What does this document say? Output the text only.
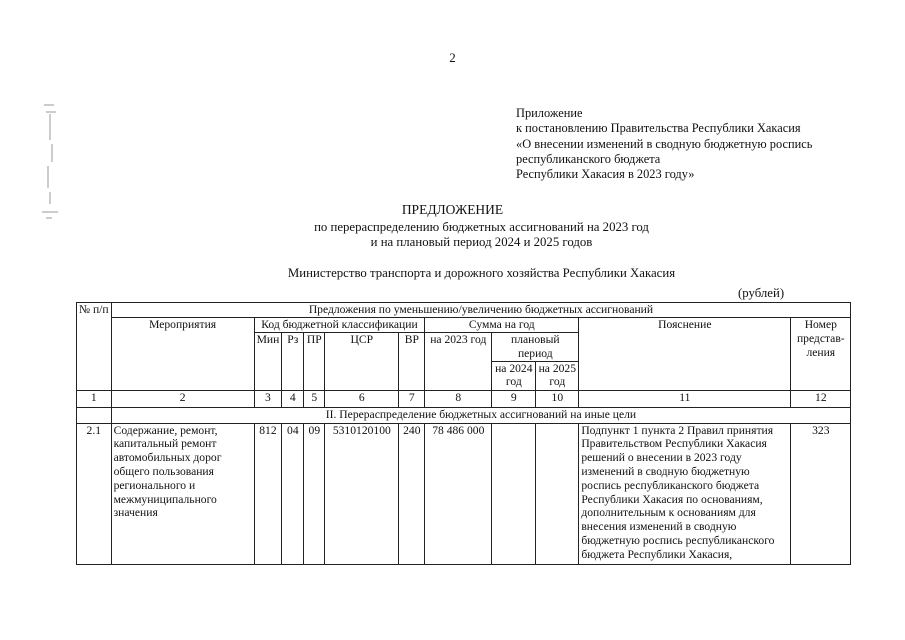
2
Приложение
к постановлению Правительства Республики Хакасия
«О внесении изменений в сводную бюджетную роспись
республиканского бюджета
Республики Хакасия в 2023 году»
ПРЕДЛОЖЕНИЕ
по перераспределению бюджетных ассигнований на 2023 год
и на плановый период 2024 и 2025 годов
Министерство транспорта и дорожного хозяйства Республики Хакасия
(рублей)
№ п/п	Предложения по уменьшению/увеличению бюджетных ассигнований										
	Мероприятия	Код бюджетной классификации					Сумма на год			Пояснение	Номер представ-ления
		Мин	Рз	ПР	ЦСР	ВР	на 2023 год	плановый период			

								на 2024 год	на 2025 год		
1	2	3	4	5	6	7	8	9	10	11	12
	II. Перераспределение бюджетных ассигнований на иные цели										
2.1	Содержание, ремонт, капитальный ремонт автомобильных дорог общего пользования регионального и межмуниципального значения	812	04	09	5310120100	240	78 486 000			Подпункт 1 пункта 2 Правил принятия Правительством Республики Хакасия решений о внесении в 2023 году изменений в сводную бюджетную роспись республиканского бюджета Республики Хакасия по основаниям, дополнительным к основаниям для внесения изменений в сводную бюджетную роспись республиканского бюджета Республики Хакасия,	323
